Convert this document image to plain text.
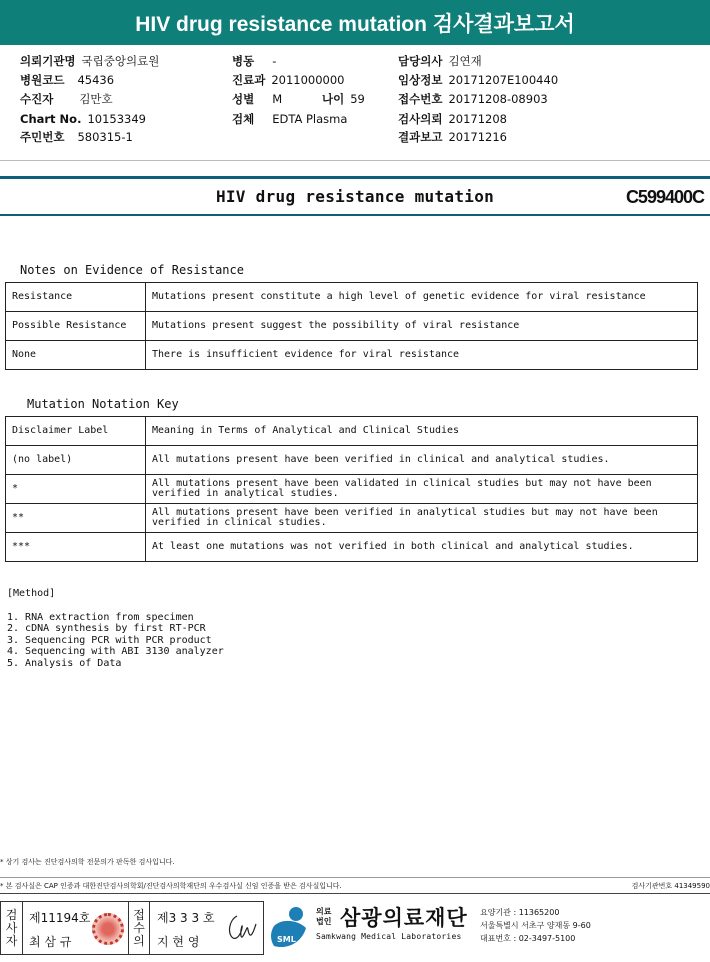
HIV drug resistance mutation 검사결과보고서
의뢰기관명 국립중앙의료원
병원코드 45436
수진자 김만호
Chart No. 10153349
주민번호 580315-1
병동 -
진료과 2011000000
성별 M	나이 59
검체 EDTA Plasma
담당의사 김연재
임상정보 20171207E100440
접수번호 20171208-08903
검사의뢰 20171208
결과보고 20171216
HIV drug resistance mutation	C599400C
Notes on Evidence of Resistance
Resistance	Mutations present constitute a high level of genetic evidence for viral resistance
Possible Resistance	Mutations present suggest the possibility of viral resistance
None	There is insufficient evidence for viral resistance
Mutation Notation Key
Disclaimer Label	Meaning in Terms of Analytical and Clinical Studies
(no label)	All mutations present have been verified in clinical and analytical studies.
*	All mutations present have been validated in clinical studies but may not have been verified in analytical studies.
**	All mutations present have been verified in analytical studies but may not have been verified in clinical studies.
***	At least one mutations was not verified in both clinical and analytical studies.
[Method]
1. RNA extraction from specimen
2. cDNA synthesis by first RT-PCR
3. Sequencing PCR with PCR product
4. Sequencing with ABI 3130 analyzer
5. Analysis of Data
* 상기 검사는 진단검사의학 전문의가 판독한 검사입니다.
* 본 검사실은 CAP 인증과 대한진단검사의학회/진단검사의학재단의 우수검사실 신임 인증을 받은 검사실입니다.	검사기관번호 41349590
검
사
자
제11194호
최 삼 규
접
수
의
제3 3 3 호
지 현 영	SML
의료
법인 삼광의료재단
Samkwang Medical Laboratories
요양기관 : 11365200
서울특별시 서초구 양재동 9-60
대표번호 : 02-3497-5100
